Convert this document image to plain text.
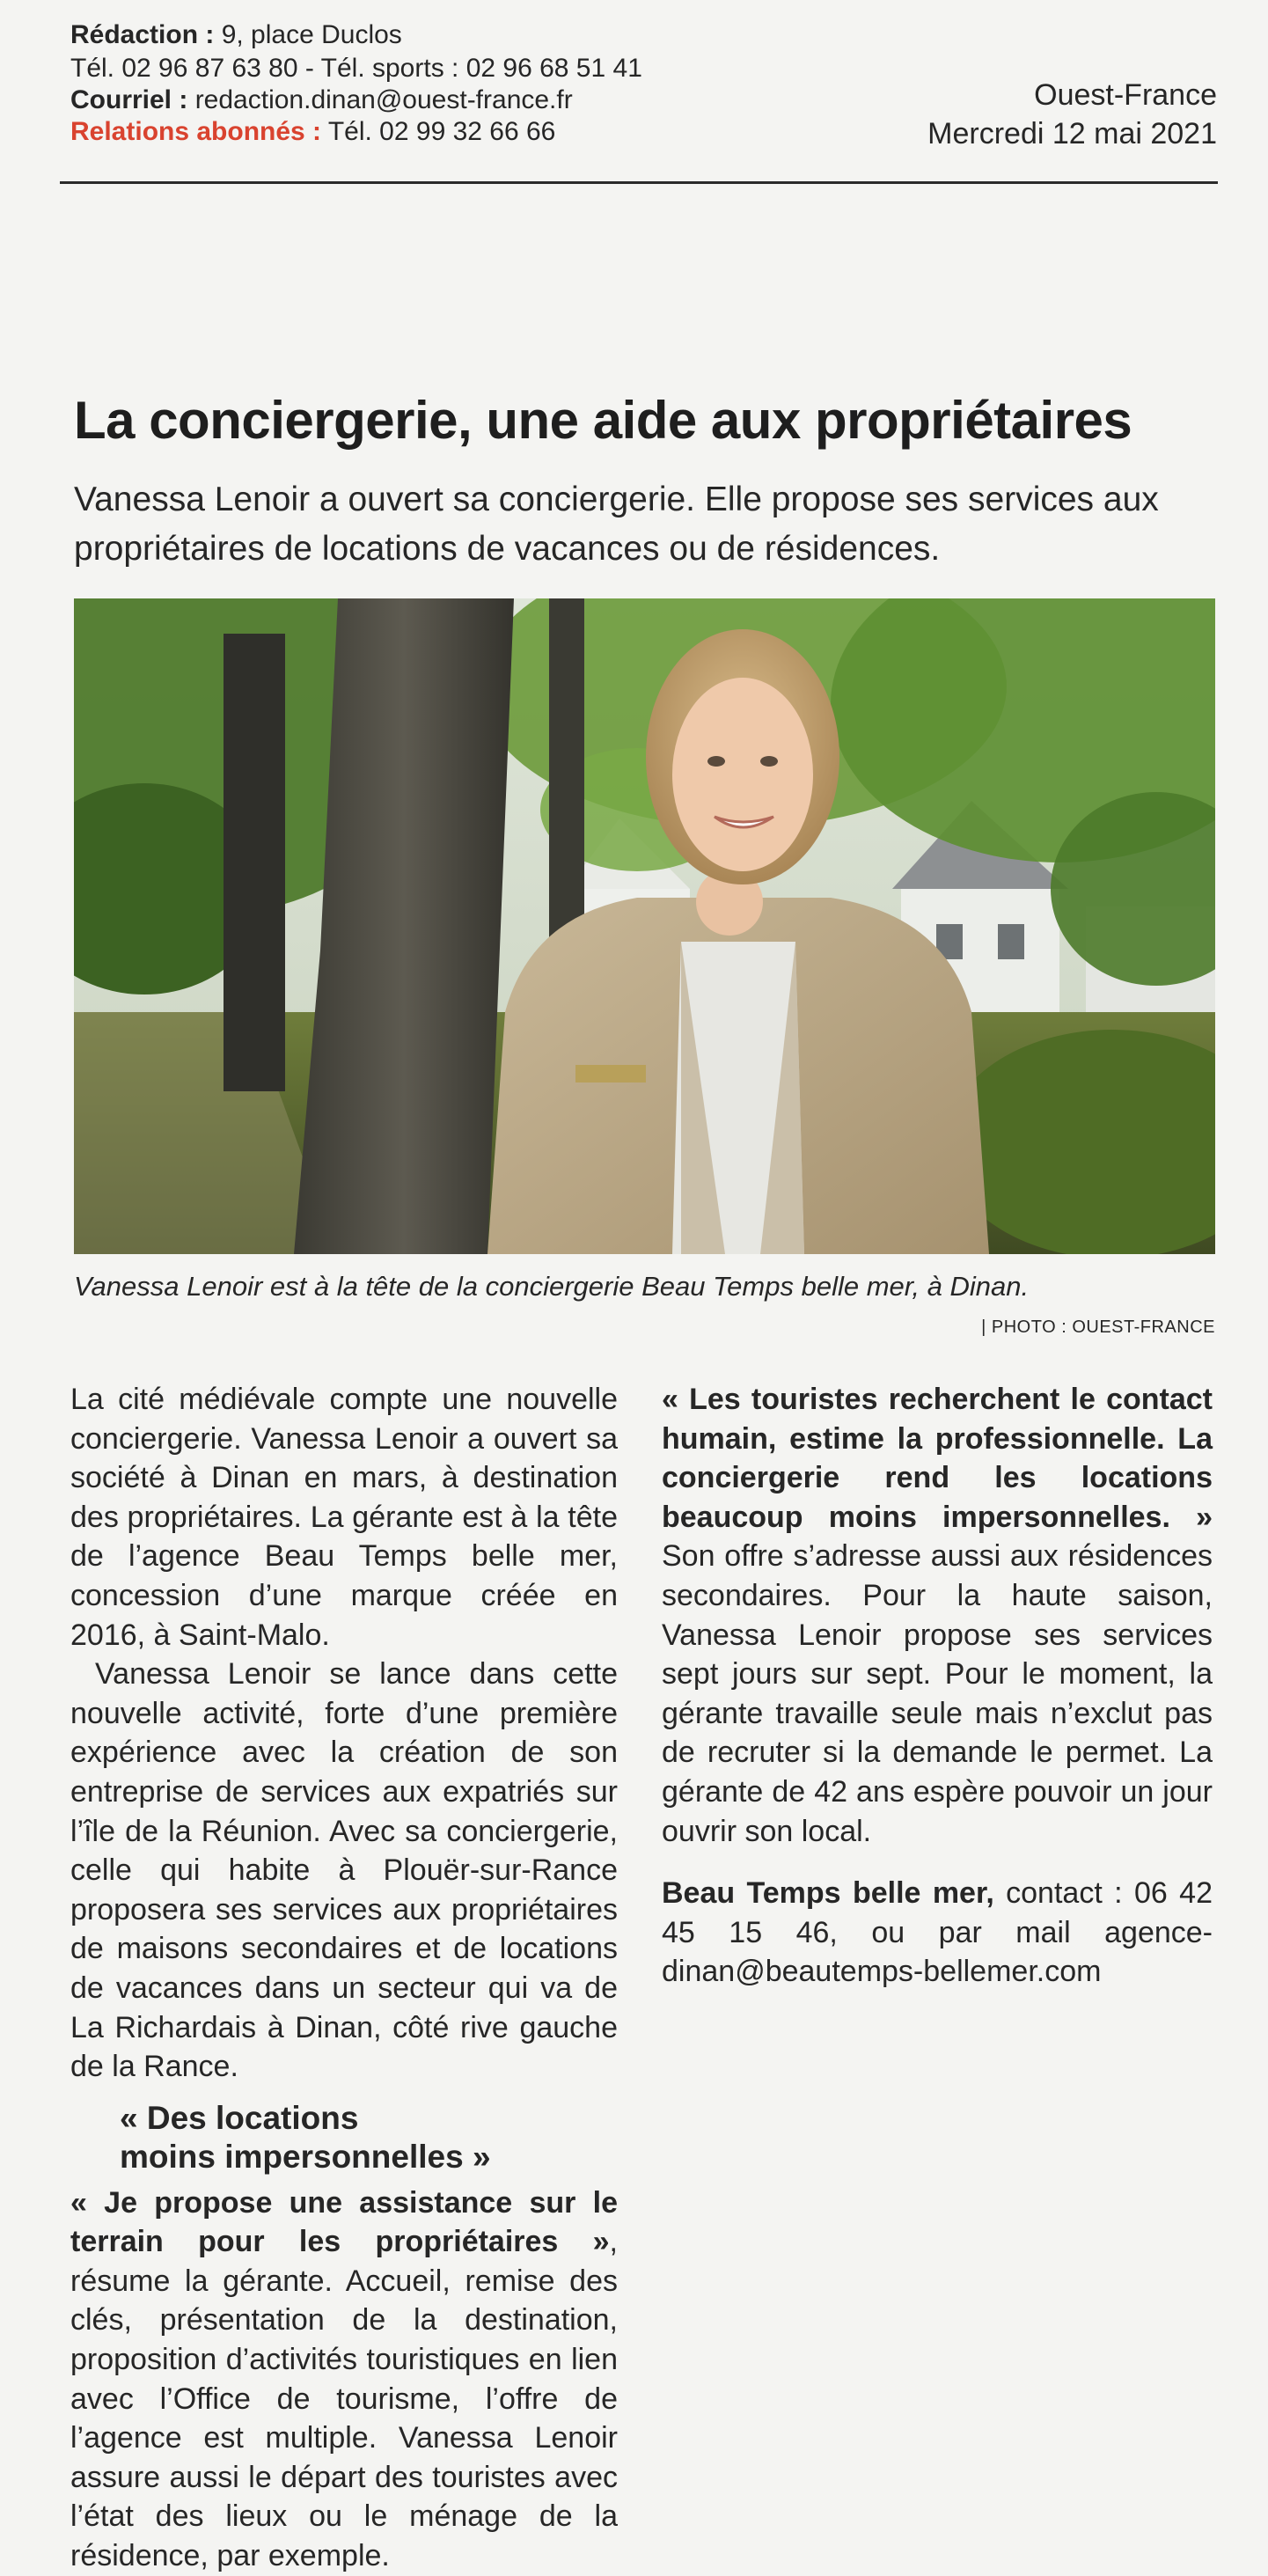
Rédaction : 9, place Duclos
Tél. 02 96 87 63 80 - Tél. sports : 02 96 68 51 41
Courriel : redaction.dinan@ouest-france.fr
Relations abonnés : Tél. 02 99 32 66 66
Ouest-France
Mercredi 12 mai 2021
La conciergerie, une aide aux propriétaires
Vanessa Lenoir a ouvert sa conciergerie. Elle propose ses services aux propriétaires de locations de vacances ou de résidences.
Vanessa Lenoir est à la tête de la conciergerie Beau Temps belle mer, à Dinan.
| PHOTO : OUEST-FRANCE

La cité médiévale compte une nouvelle conciergerie. Vanessa Lenoir a ouvert sa société à Dinan en mars, à destination des propriétaires. La gérante est à la tête de l’agence Beau Temps belle mer, concession d’une marque créée en 2016, à Saint-Malo.

Vanessa Lenoir se lance dans cette nouvelle activité, forte d’une première expérience avec la création de son entreprise de services aux expatriés sur l’île de la Réunion. Avec sa conciergerie, celle qui habite à Plouër-sur-Rance proposera ses services aux propriétaires de maisons secondaires et de locations de vacances dans un secteur qui va de La Richardais à Dinan, côté rive gauche de la Rance.

« Des locations
moins impersonnelles »

« Je propose une assistance sur le terrain pour les propriétaires », résume la gérante. Accueil, remise des clés, présentation de la destination, proposition d’activités touristiques en lien avec l’Office de tourisme, l’offre de l’agence est multiple. Vanessa Lenoir assure aussi le départ des touristes avec l’état des lieux ou le ménage de la résidence, par exemple.

« Les touristes recherchent le contact humain, estime la professionnelle. La conciergerie rend les locations beaucoup moins impersonnelles. » Son offre s’adresse aussi aux résidences secondaires. Pour la haute saison, Vanessa Lenoir propose ses services sept jours sur sept. Pour le moment, la gérante travaille seule mais n’exclut pas de recruter si la demande le permet. La gérante de 42 ans espère pouvoir un jour ouvrir son local.

Beau Temps belle mer, contact : 06 42 45 15 46, ou par mail agence-dinan@beautemps-bellemer.com
